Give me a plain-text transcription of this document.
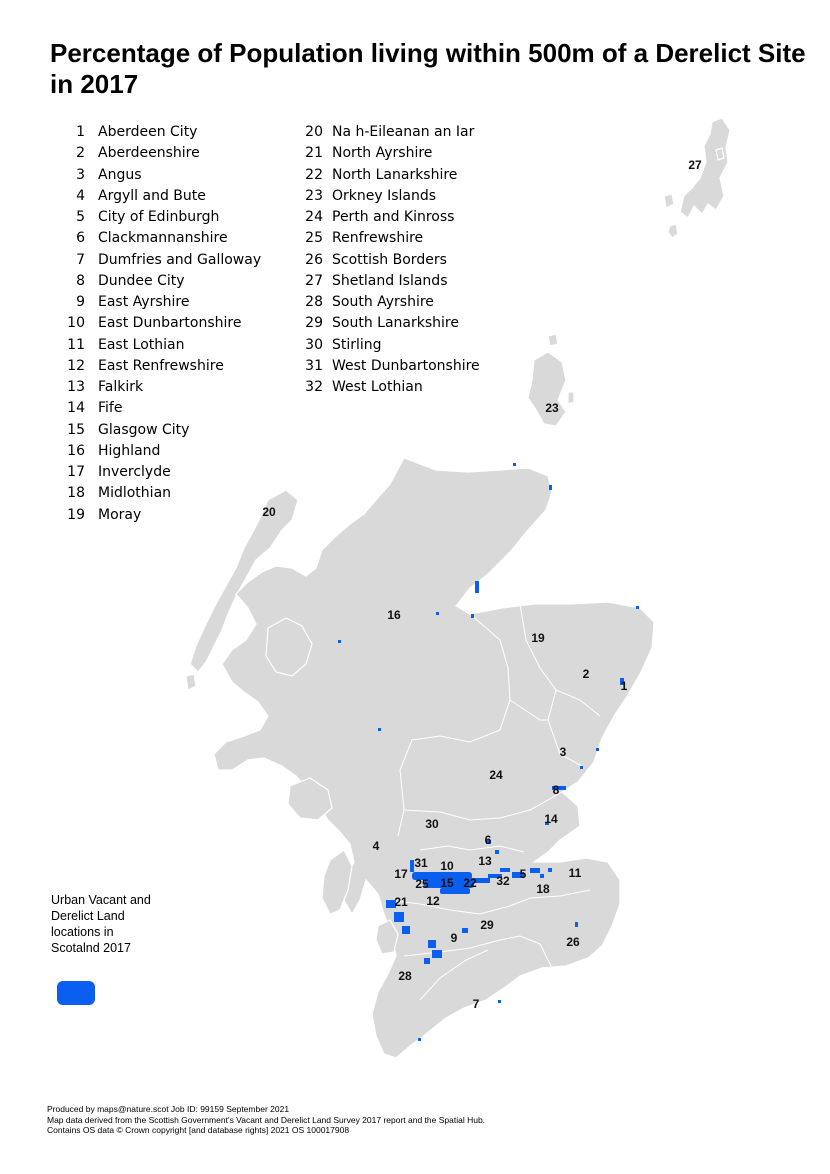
Percentage of Population living within 500m of a Derelict Site in 2017
1 Aberdeen City
2 Aberdeenshire
3 Angus
4 Argyll and Bute
5 City of Edinburgh
6 Clackmannanshire
7 Dumfries and Galloway
8 Dundee City
9 East Ayrshire
10 East Dunbartonshire
11 East Lothian
12 East Renfrewshire
13 Falkirk
14 Fife
15 Glasgow City
16 Highland
17 Inverclyde
18 Midlothian
19 Moray
20 Na h-Eileanan an Iar
21 North Ayrshire
22 North Lanarkshire
23 Orkney Islands
24 Perth and Kinross
25 Renfrewshire
26 Scottish Borders
27 Shetland Islands
28 South Ayrshire
29 South Lanarkshire
30 Stirling
31 West Dunbartonshire
32 West Lothian
1
2
3
4
5
6
7
8
9
10	11
12
13
14
15
16
17
18
19
20
21
22
23
24
25
26
27
28
29
30
31
32
Urban Vacant and Derelict Land locations in Scotalnd 2017
Produced by maps@nature.scot Job ID: 99159 September 2021
Map data derived from the Scottish Government's Vacant and Derelict Land Survey 2017 report and the Spatial Hub.
Contains OS data © Crown copyright [and database rights] 2021 OS 100017908
